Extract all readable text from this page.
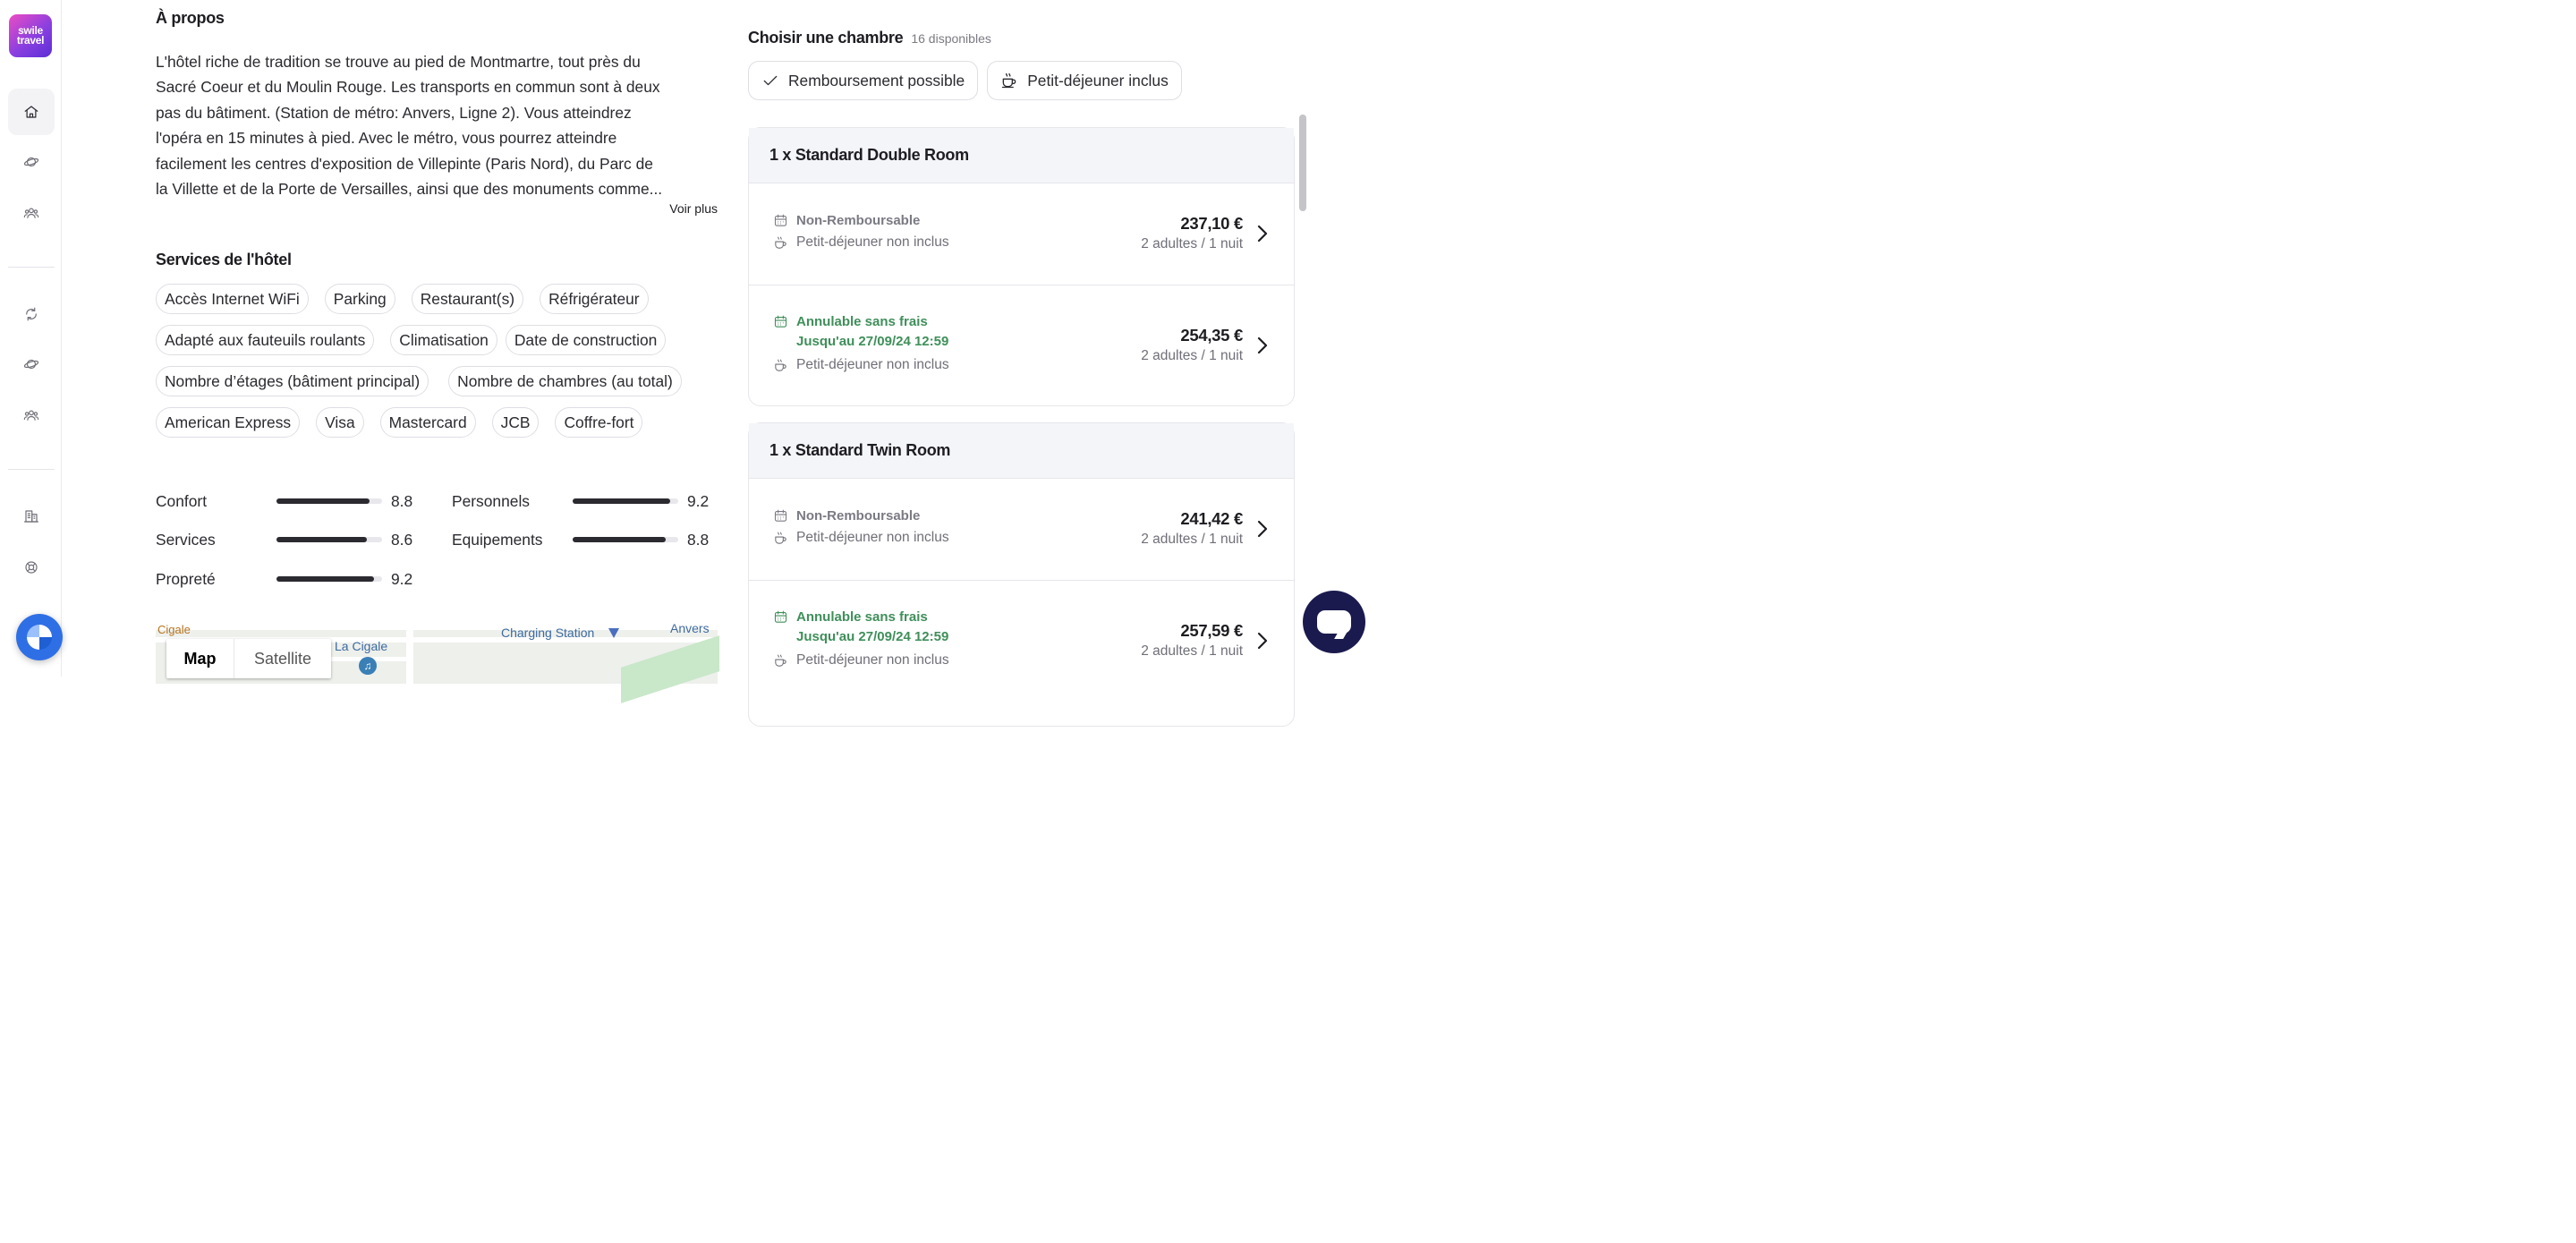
swile
travel
À propos
L'hôtel riche de tradition se trouve au pied de Montmartre, tout près du
Sacré Coeur et du Moulin Rouge. Les transports en commun sont à deux
pas du bâtiment. (Station de métro: Anvers, Ligne 2). Vous atteindrez
l'opéra en 15 minutes à pied. Avec le métro, vous pourrez atteindre
facilement les centres d'exposition de Villepinte (Paris Nord), du Parc de
la Villette et de la Porte de Versailles, ainsi que des monuments comme...
Voir plus
Services de l'hôtel
Accès Internet WiFi	Parking	Restaurant(s)	Réfrigérateur
Adapté aux fauteuils roulants	Climatisation	Date de construction
Nombre d’étages (bâtiment principal)	Nombre de chambres (au total)
American Express	Visa	Mastercard	JCB	Coffre-fort
Confort	8.8	Personnels	9.2
Services	8.6	Equipements	8.8
Propreté	9.2
Cigale
La Cigale
♫
Charging Station	Anvers
Map	Satellite
Choisir une chambre 16 disponibles
Remboursement possible	Petit-déjeuner inclus
1 x Standard Double Room
Non-Remboursable
Petit-déjeuner non inclus
237,10 €
2 adultes / 1 nuit
Annulable sans frais
Jusqu'au 27/09/24 12:59
Petit-déjeuner non inclus
254,35 €
2 adultes / 1 nuit
1 x Standard Twin Room
Non-Remboursable
Petit-déjeuner non inclus
241,42 €
2 adultes / 1 nuit
Annulable sans frais
Jusqu'au 27/09/24 12:59
Petit-déjeuner non inclus
257,59 €
2 adultes / 1 nuit
